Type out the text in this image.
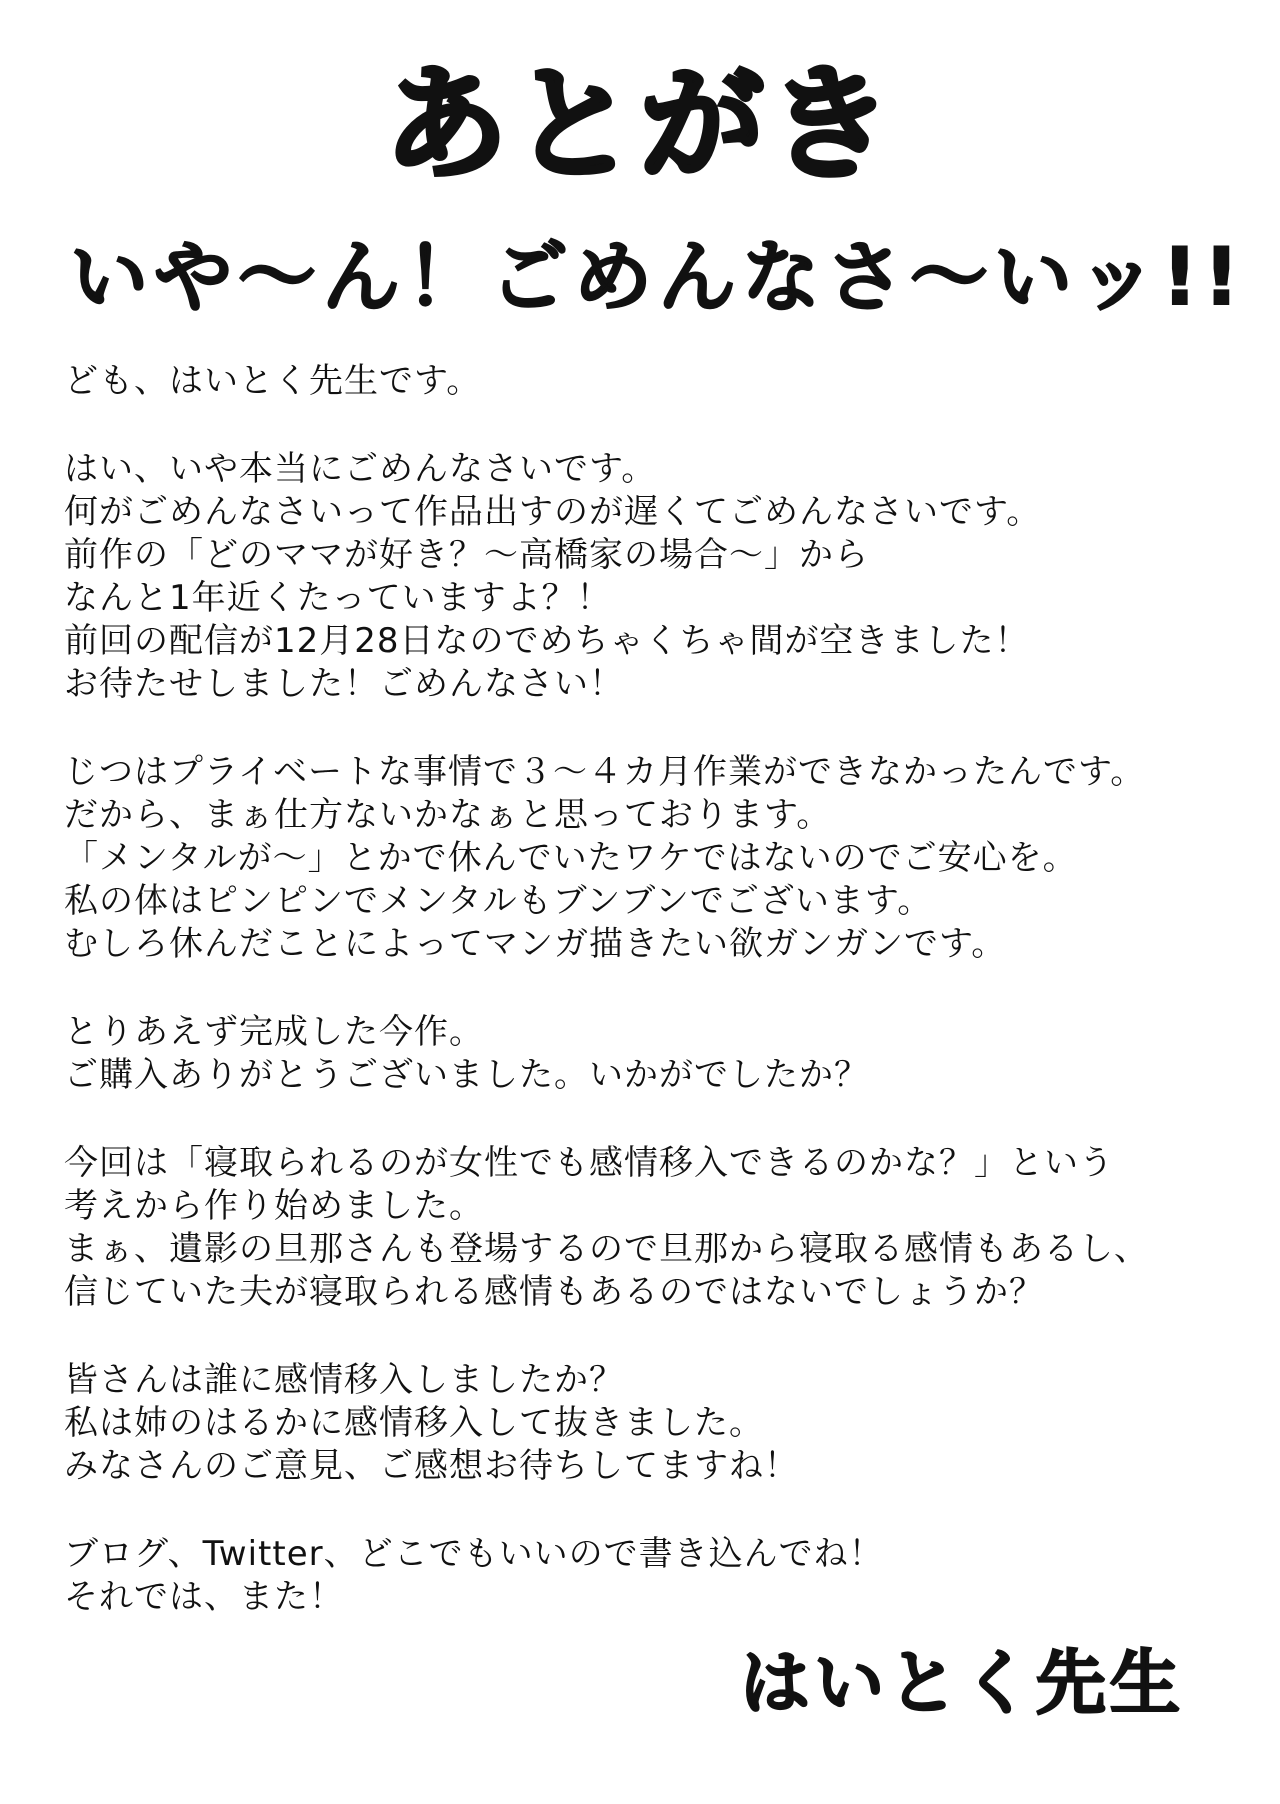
あとがき
いや〜ん！ごめんなさ〜いッ!!
ども、はいとく先生です。
はい、いや本当にごめんなさいです。
何がごめんなさいって作品出すのが遅くてごめんなさいです。
前作の「どのママが好き？〜高橋家の場合〜」から
なんと1年近くたっていますよ？！
前回の配信が12月28日なのでめちゃくちゃ間が空きました！
お待たせしました！ごめんなさい！
じつはプライベートな事情で３〜４カ月作業ができなかったんです。
だから、まぁ仕方ないかなぁと思っております。
「メンタルが〜」とかで休んでいたワケではないのでご安心を。
私の体はピンピンでメンタルもブンブンでございます。
むしろ休んだことによってマンガ描きたい欲ガンガンです。
とりあえず完成した今作。
ご購入ありがとうございました。いかがでしたか？
今回は「寝取られるのが女性でも感情移入できるのかな？」という
考えから作り始めました。
まぁ、遺影の旦那さんも登場するので旦那から寝取る感情もあるし、
信じていた夫が寝取られる感情もあるのではないでしょうか？
皆さんは誰に感情移入しましたか？
私は姉のはるかに感情移入して抜きました。
みなさんのご意見、ご感想お待ちしてますね！
ブログ、Twitter、どこでもいいので書き込んでね！
それでは、また！
はいとく先生
